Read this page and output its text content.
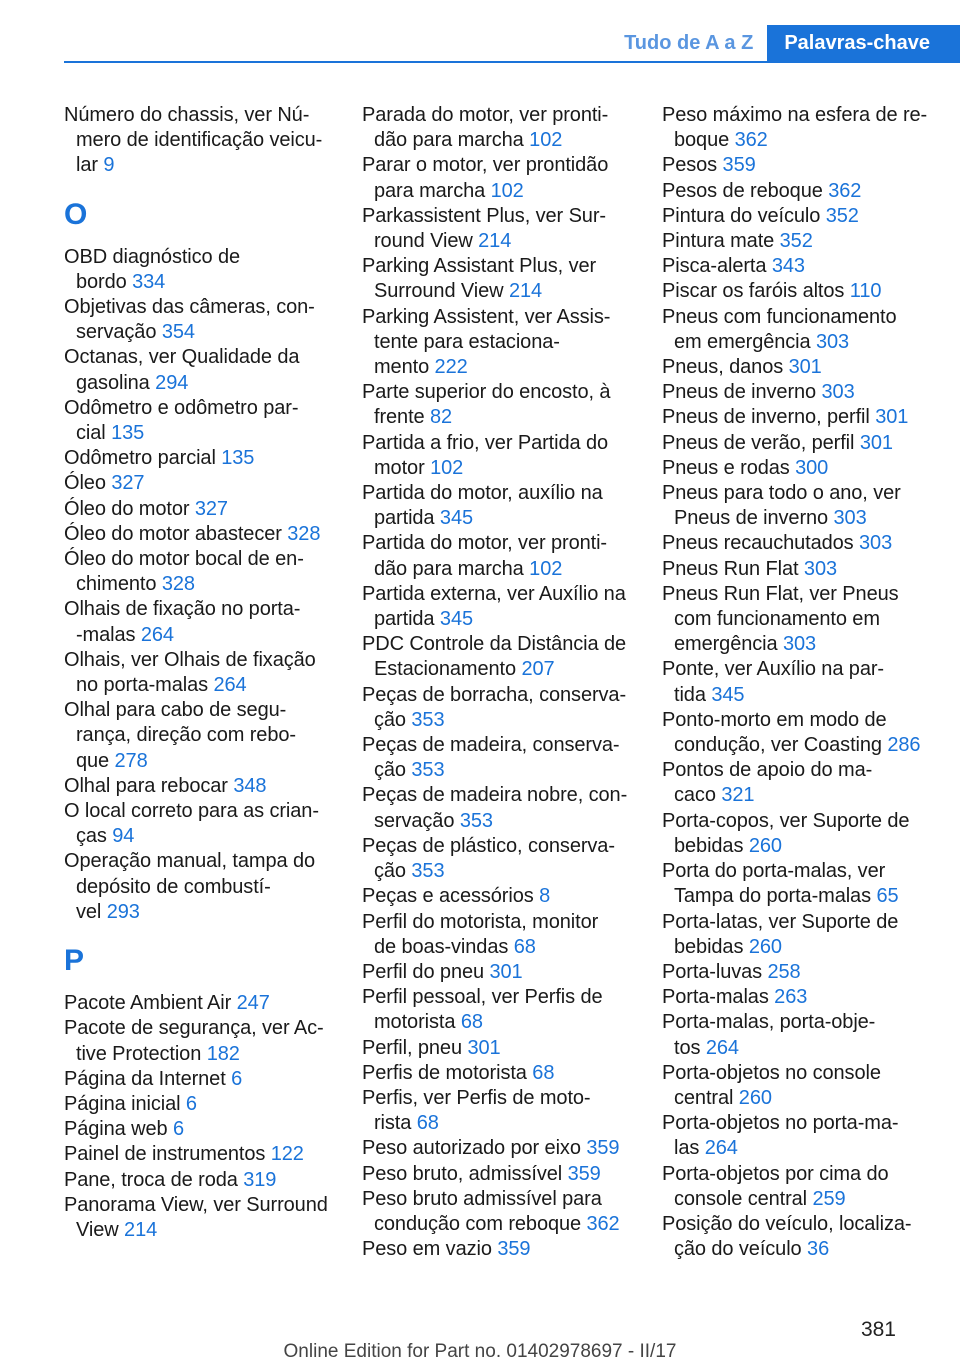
Tudo de A a Z	Palavras-chave
Número do chassis, ver Nú‐
mero de identificação veicu‐
lar 9
O
OBD diagnóstico de
bordo 334
Objetivas das câmeras, con‐
servação 354
Octanas, ver Qualidade da
gasolina 294
Odômetro e odômetro par‐
cial 135
Odômetro parcial 135
Óleo 327
Óleo do motor 327
Óleo do motor abastecer 328
Óleo do motor bocal de en‐
chimento 328
Olhais de fixação no porta-
-malas 264
Olhais, ver Olhais de fixação
no porta-malas 264
Olhal para cabo de segu‐
rança, direção com rebo‐
que 278
Olhal para rebocar 348
O local correto para as crian‐
ças 94
Operação manual, tampa do
depósito de combustí‐
vel 293
P
Pacote Ambient Air 247
Pacote de segurança, ver Ac‐
tive Protection 182
Página da Internet 6
Página inicial 6
Página web 6
Painel de instrumentos 122
Pane, troca de roda 319
Panorama View, ver Surround
View 214
Parada do motor, ver pronti‐
dão para marcha 102
Parar o motor, ver prontidão
para marcha 102
Parkassistent Plus, ver Sur‐
round View 214
Parking Assistant Plus, ver
Surround View 214
Parking Assistent, ver Assis‐
tente para estaciona‐
mento 222
Parte superior do encosto, à
frente 82
Partida a frio, ver Partida do
motor 102
Partida do motor, auxílio na
partida 345
Partida do motor, ver pronti‐
dão para marcha 102
Partida externa, ver Auxílio na
partida 345
PDC Controle da Distância de
Estacionamento 207
Peças de borracha, conserva‐
ção 353
Peças de madeira, conserva‐
ção 353
Peças de madeira nobre, con‐
servação 353
Peças de plástico, conserva‐
ção 353
Peças e acessórios 8
Perfil do motorista, monitor
de boas-vindas 68
Perfil do pneu 301
Perfil pessoal, ver Perfis de
motorista 68
Perfil, pneu 301
Perfis de motorista 68
Perfis, ver Perfis de moto‐
rista 68
Peso autorizado por eixo 359
Peso bruto, admissível 359
Peso bruto admissível para
condução com reboque 362
Peso em vazio 359
Peso máximo na esfera de re‐
boque 362
Pesos 359
Pesos de reboque 362
Pintura do veículo 352
Pintura mate 352
Pisca-alerta 343
Piscar os faróis altos 110
Pneus com funcionamento
em emergência 303
Pneus, danos 301
Pneus de inverno 303
Pneus de inverno, perfil 301
Pneus de verão, perfil 301
Pneus e rodas 300
Pneus para todo o ano, ver
Pneus de inverno 303
Pneus recauchutados 303
Pneus Run Flat 303
Pneus Run Flat, ver Pneus
com funcionamento em
emergência 303
Ponte, ver Auxílio na par‐
tida 345
Ponto-morto em modo de
condução, ver Coasting 286
Pontos de apoio do ma‐
caco 321
Porta-copos, ver Suporte de
bebidas 260
Porta do porta-malas, ver
Tampa do porta-malas 65
Porta-latas, ver Suporte de
bebidas 260
Porta-luvas 258
Porta-malas 263
Porta-malas, porta-obje‐
tos 264
Porta-objetos no console
central 260
Porta-objetos no porta-ma‐
las 264
Porta-objetos por cima do
console central 259
Posição do veículo, localiza‐
ção do veículo 36
381
Online Edition for Part no. 01402978697 - II/17
